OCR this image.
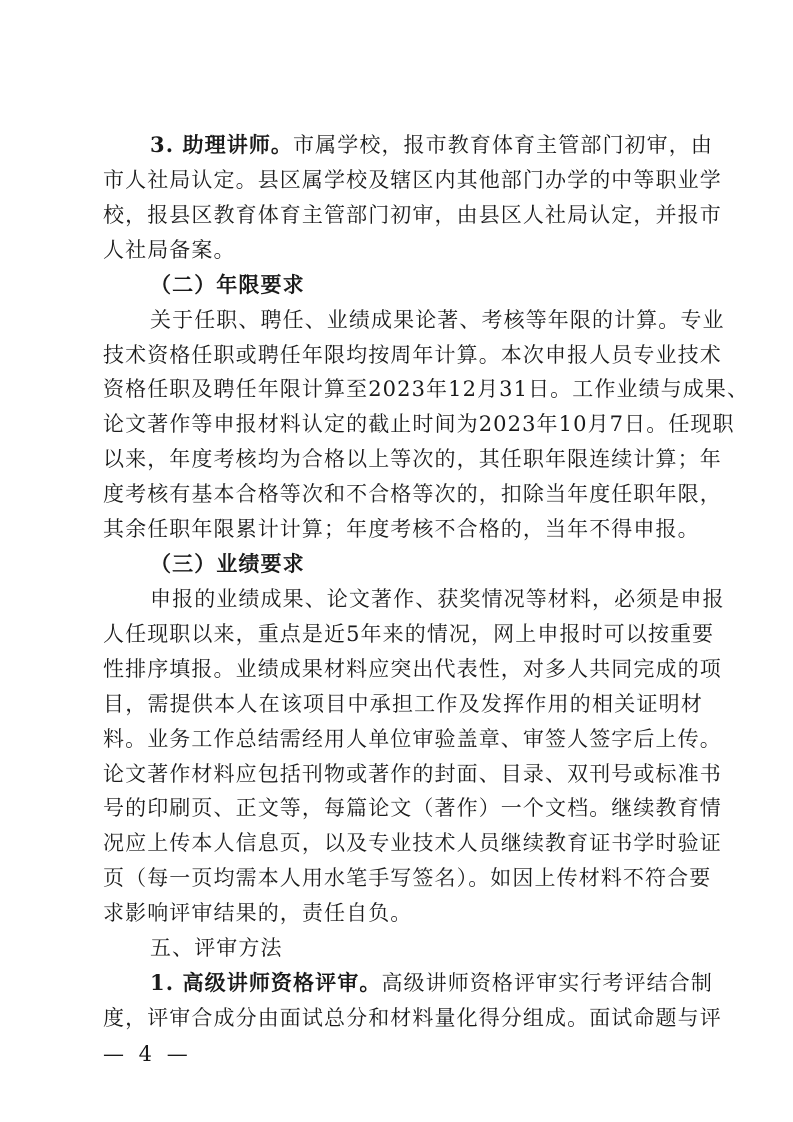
3. 助理讲师。市属学校，报市教育体育主管部门初审，由
市人社局认定。县区属学校及辖区内其他部门办学的中等职业学
校，报县区教育体育主管部门初审，由县区人社局认定，并报市
人社局备案。
（二）年限要求
关于任职、聘任、业绩成果论著、考核等年限的计算。专业
技术资格任职或聘任年限均按周年计算。本次申报人员专业技术
资格任职及聘任年限计算至2023年12月31日。工作业绩与成果、
论文著作等申报材料认定的截止时间为2023年10月7日。任现职
以来，年度考核均为合格以上等次的，其任职年限连续计算；年
度考核有基本合格等次和不合格等次的，扣除当年度任职年限，
其余任职年限累计计算；年度考核不合格的，当年不得申报。
（三）业绩要求
申报的业绩成果、论文著作、获奖情况等材料，必须是申报
人任现职以来，重点是近5年来的情况，网上申报时可以按重要
性排序填报。业绩成果材料应突出代表性，对多人共同完成的项
目，需提供本人在该项目中承担工作及发挥作用的相关证明材
料。业务工作总结需经用人单位审验盖章、审签人签字后上传。
论文著作材料应包括刊物或著作的封面、目录、双刊号或标准书
号的印刷页、正文等，每篇论文（著作）一个文档。继续教育情
况应上传本人信息页，以及专业技术人员继续教育证书学时验证
页（每一页均需本人用水笔手写签名）。如因上传材料不符合要
求影响评审结果的，责任自负。
五、评审方法
1. 高级讲师资格评审。高级讲师资格评审实行考评结合制
度，评审合成分由面试总分和材料量化得分组成。面试命题与评
— 4 —
